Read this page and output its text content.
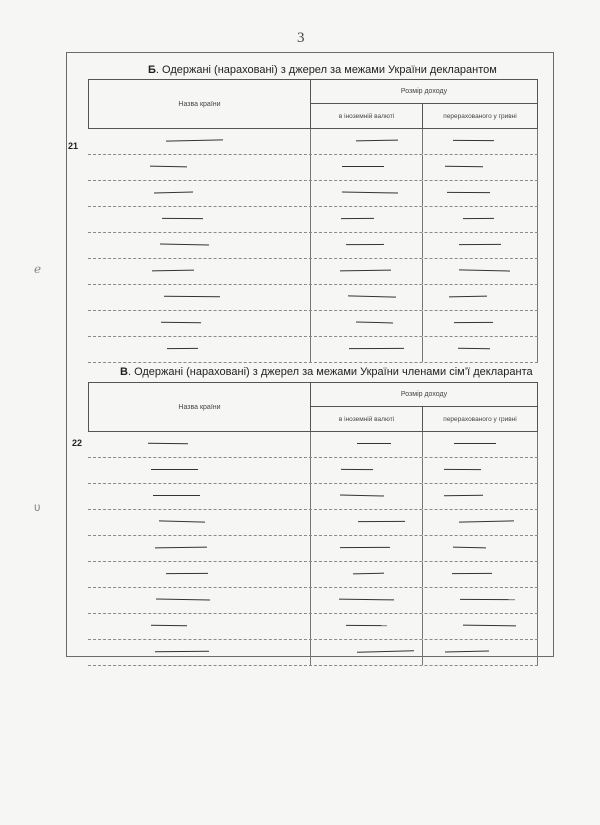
3
ℯ
ʋ
Б. Одержані (нараховані) з джерел за межами України декларантом
21
Назва країни
Розмір доходу
в іноземній валюті	перерахованого у гривні
В. Одержані (нараховані) з джерел за межами України членами сім’ї декларанта
22
Назва країни
Розмір доходу
в іноземній валюті	перерахованого у гривні
